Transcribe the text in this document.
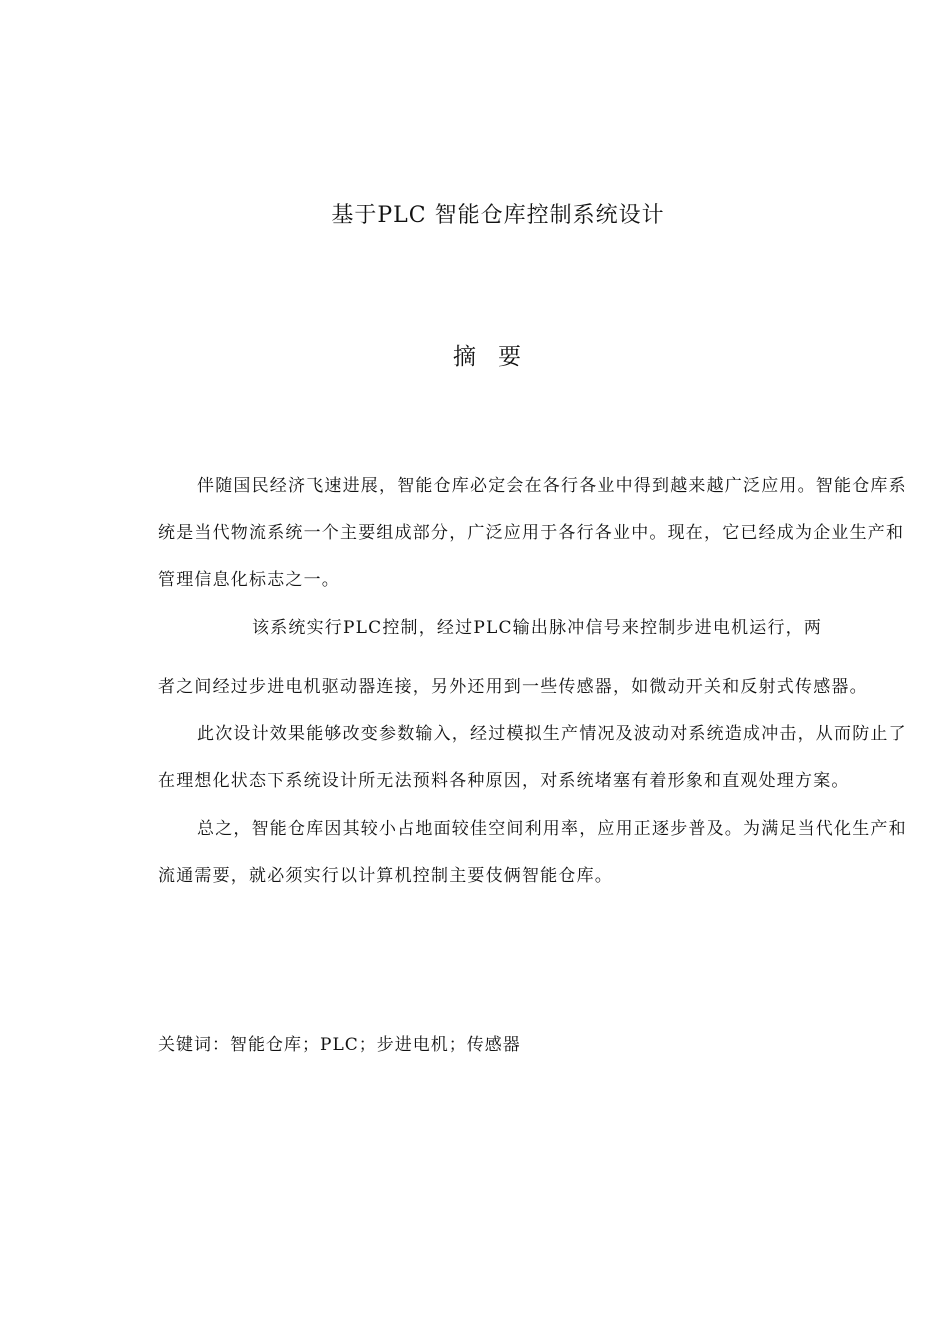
基于PLC 智能仓库控制系统设计
摘要
伴随国民经济飞速进展，智能仓库必定会在各行各业中得到越来越广泛应用。智能仓库系
统是当代物流系统一个主要组成部分，广泛应用于各行各业中。现在，它已经成为企业生产和
管理信息化标志之一。
该系统实行PLC控制，经过PLC输出脉冲信号来控制步进电机运行，两
者之间经过步进电机驱动器连接，另外还用到一些传感器，如微动开关和反射式传感器。
此次设计效果能够改变参数输入，经过模拟生产情况及波动对系统造成冲击，从而防止了
在理想化状态下系统设计所无法预料各种原因，对系统堵塞有着形象和直观处理方案。
总之，智能仓库因其较小占地面较佳空间利用率，应用正逐步普及。为满足当代化生产和
流通需要，就必须实行以计算机控制主要伎俩智能仓库。
关键词：智能仓库；PLC；步进电机；传感器
